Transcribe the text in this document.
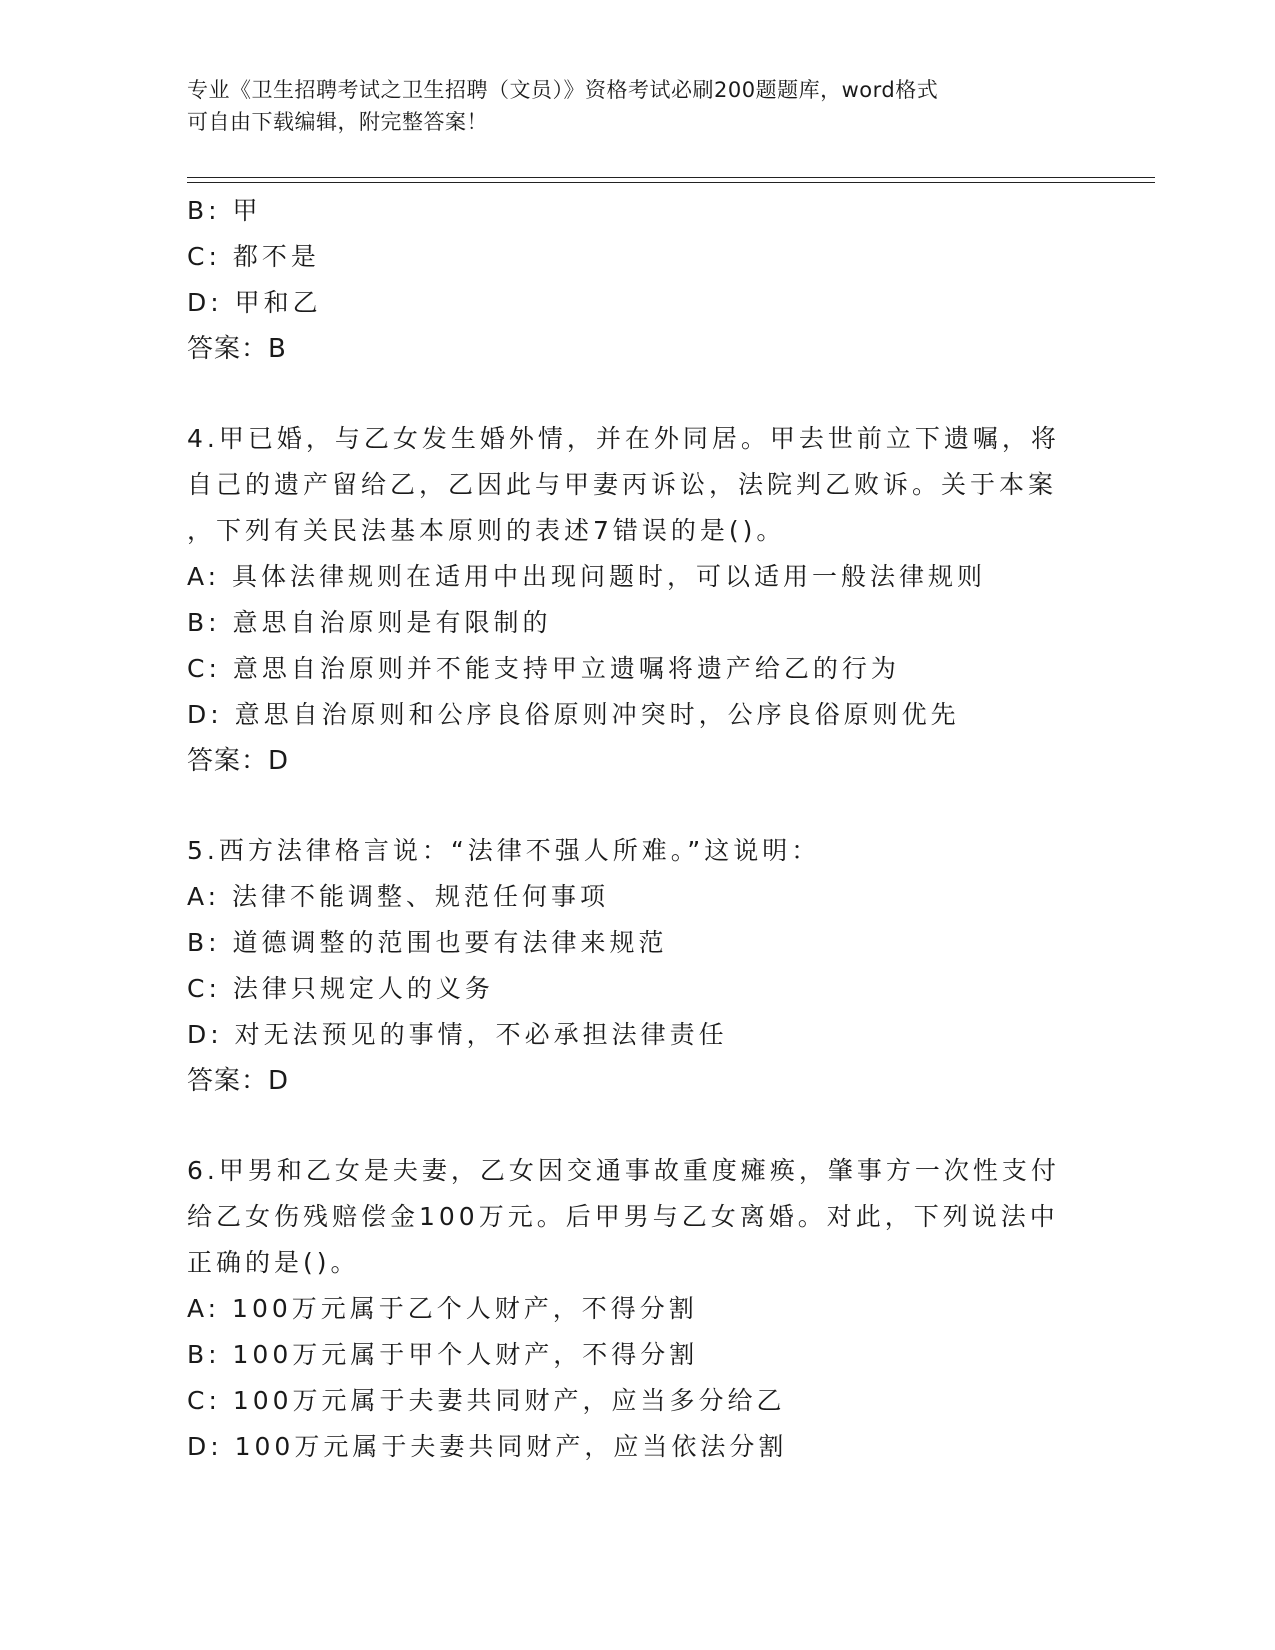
专业《卫生招聘考试之卫生招聘（文员）》资格考试必刷200题题库，word格式
可自由下载编辑，附完整答案！
B: 甲
C: 都不是
D: 甲和乙
答案：B
4.甲已婚，与乙女发生婚外情，并在外同居。甲去世前立下遗嘱，将
自己的遗产留给乙，乙因此与甲妻丙诉讼，法院判乙败诉。关于本案
，下列有关民法基本原则的表述7错误的是()。
A: 具体法律规则在适用中出现问题时，可以适用一般法律规则
B: 意思自治原则是有限制的
C: 意思自治原则并不能支持甲立遗嘱将遗产给乙的行为
D: 意思自治原则和公序良俗原则冲突时，公序良俗原则优先
答案：D
5.西方法律格言说：“法律不强人所难。”这说明：
A: 法律不能调整、规范任何事项
B: 道德调整的范围也要有法律来规范
C: 法律只规定人的义务
D: 对无法预见的事情，不必承担法律责任
答案：D
6.甲男和乙女是夫妻，乙女因交通事故重度瘫痪，肇事方一次性支付
给乙女伤残赔偿金100万元。后甲男与乙女离婚。对此，下列说法中
正确的是()。
A: 100万元属于乙个人财产，不得分割
B: 100万元属于甲个人财产，不得分割
C: 100万元属于夫妻共同财产，应当多分给乙
D: 100万元属于夫妻共同财产，应当依法分割
